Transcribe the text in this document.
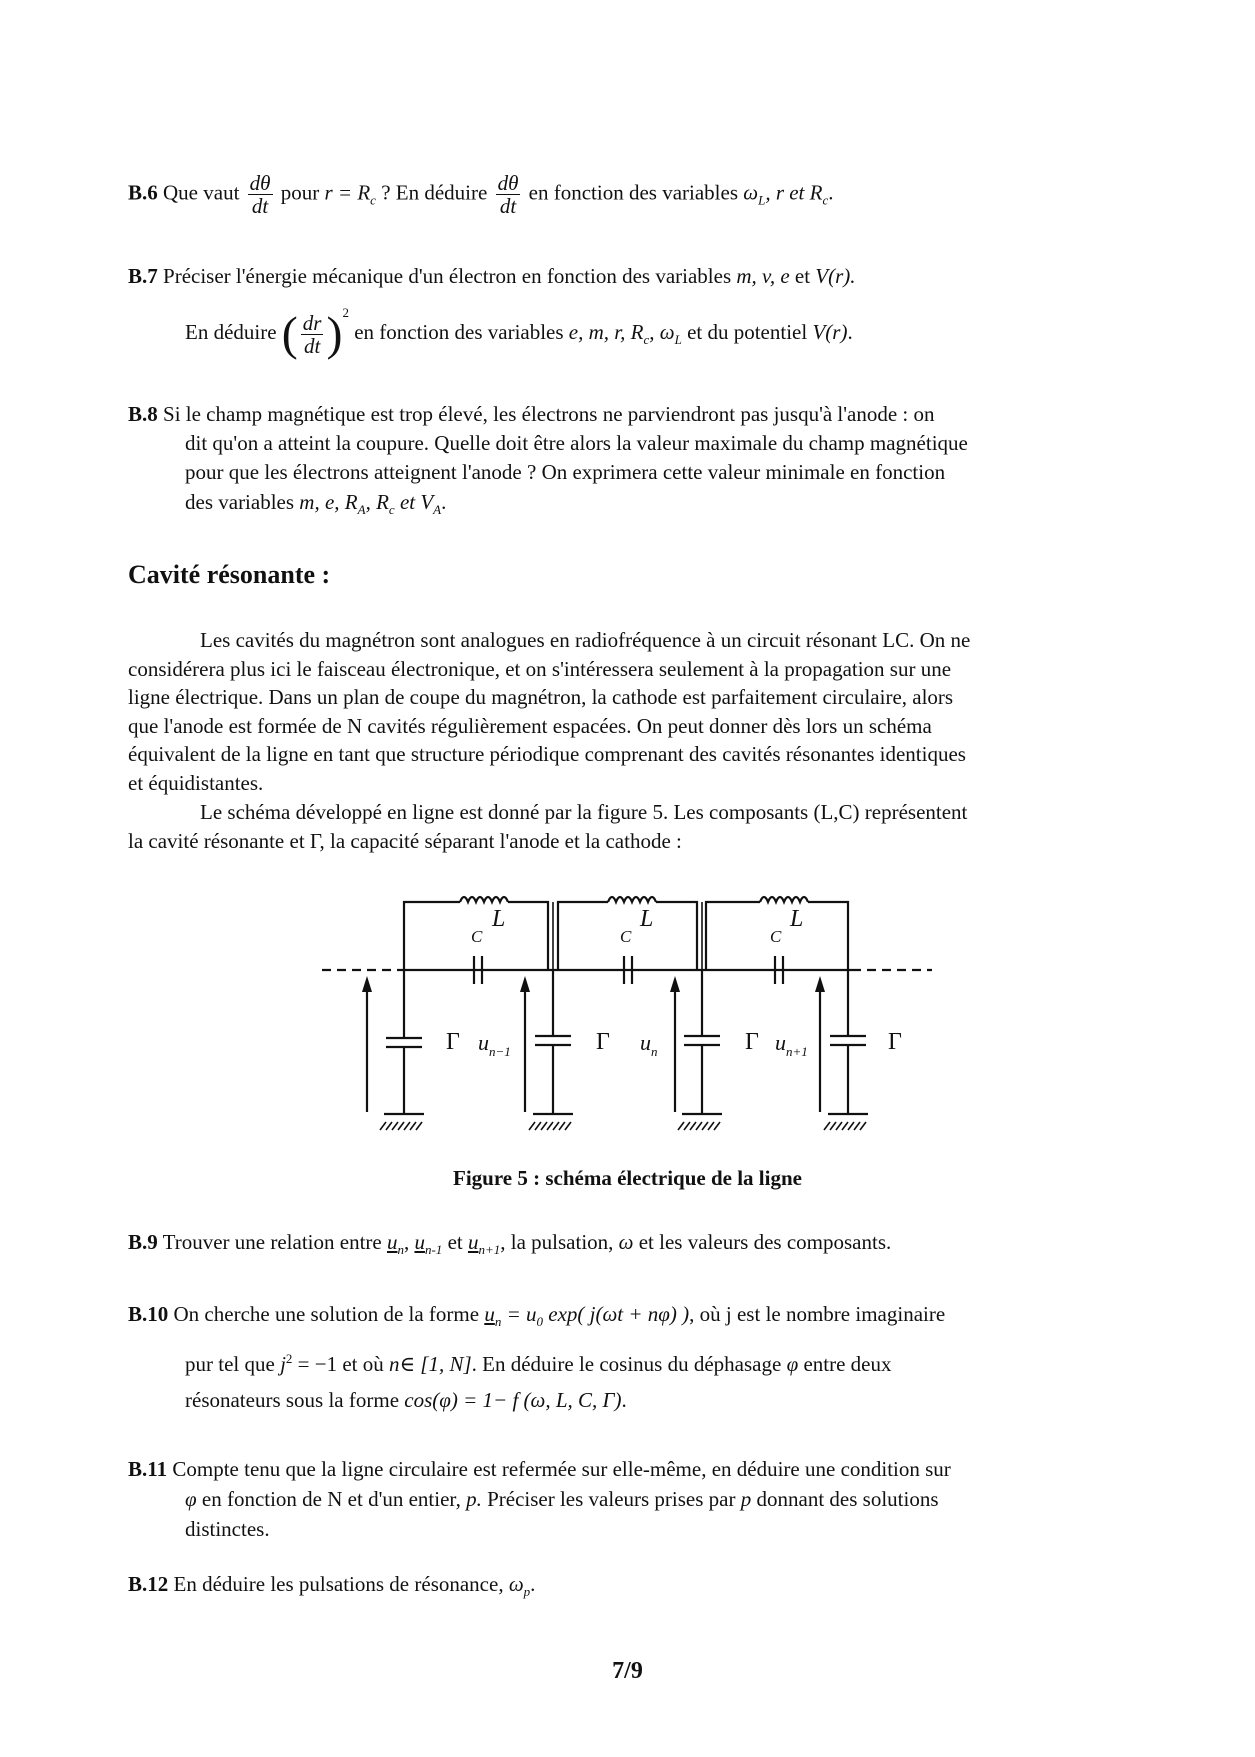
B.6 Que vaut $\frac{d\theta}{dt}$ pour $r = R_c$ ? En déduire $\frac{d\theta}{dt}$ en fonction des variables $\omega_L$, r et $R_c$.
B.7 Préciser l'énergie mécanique d'un électron en fonction des variables m, v, e et V(r).
En déduire ( $\frac{dr}{dt} )^2$ en fonction des variables e, m, r, $R_c$, $\omega_L$ et du potentiel V(r).
B.8 Si le champ magnétique est trop élevé, les électrons ne parviendront pas jusqu'à l'anode : on
dit qu'on a atteint la coupure. Quelle doit être alors la valeur maximale du champ magnétique
pour que les électrons atteignent l'anode ? On exprimera cette valeur minimale en fonction
des variables m, e, $R_A$, $R_c$ et $V_A$.
Cavité résonante :

Les cavités du magnétron sont analogues en radiofréquence à un circuit résonant LC. On ne

considérera plus ici le faisceau électronique, et on s'intéressera seulement à la propagation sur une
ligne électrique. Dans un plan de coupe du magnétron, la cathode est parfaitement circulaire, alors
que l'anode est formée de N cavités régulièrement espacées. On peut donner dès lors un schéma
équivalent de la ligne en tant que structure périodique comprenant des cavités résonantes identiques
et équidistantes.

Le schéma développé en ligne est donné par la figure 5. Les composants (L,C) représentent

la cavité résonante et Γ, la capacité séparant l'anode et la cathode :
L	L	L
C	C	C
Γ	Γ	Γ	Γ
$u_{n-1}$	$u_n$	$u_{n+1}$
Figure 5 : schéma électrique de la ligne
B.9 Trouver une relation entre $u_n$, $u_{n-1}$ et $u_{n+1}$, la pulsation, ω et les valeurs des composants.
B.10 On cherche une solution de la forme $u_n = u_0$ exp( j(ωt + nφ) ), où j est le nombre imaginaire
pur tel que $j^2 = -1$ et où n∈ [1, N]. En déduire le cosinus du déphasage φ entre deux
résonateurs sous la forme cos(φ) = 1− f (ω, L, C, Γ).
B.11 Compte tenu que la ligne circulaire est refermée sur elle-même, en déduire une condition sur
φ en fonction de N et d'un entier, p. Préciser les valeurs prises par p donnant des solutions
distinctes.
B.12 En déduire les pulsations de résonance, $\omega_p$.
7/9
